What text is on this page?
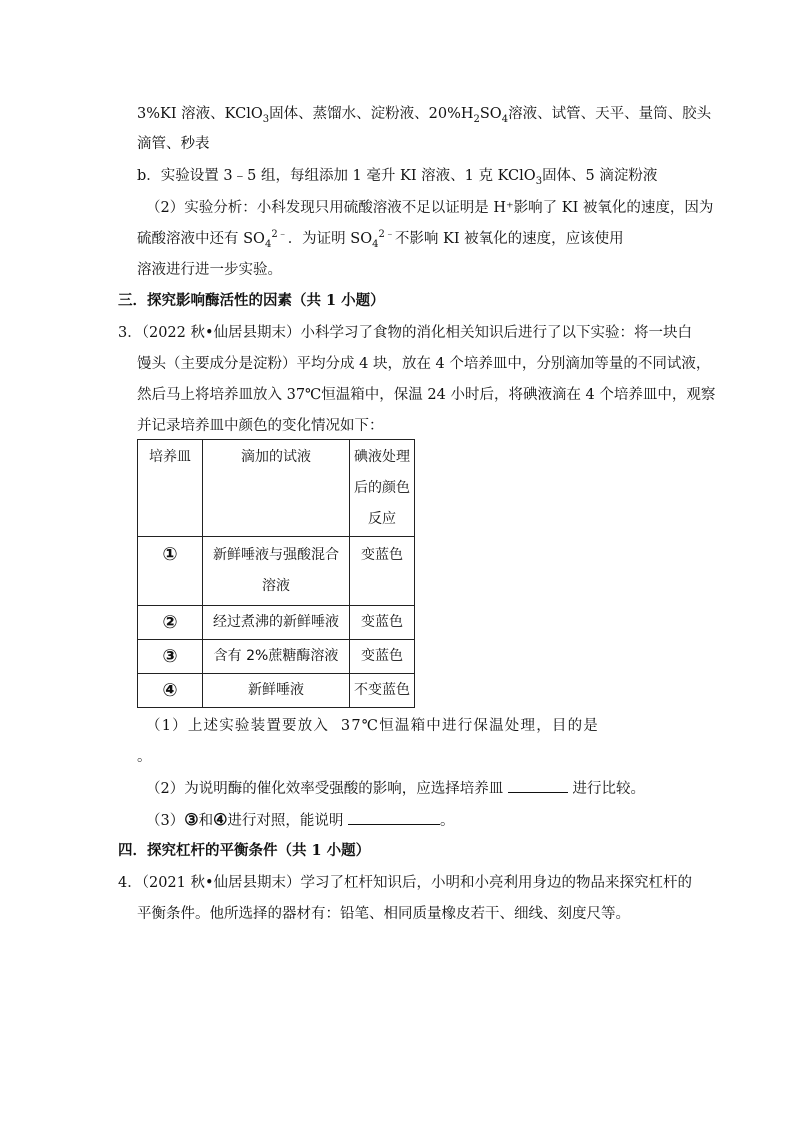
3%KI 溶液、KClO$_3$固体、蒸馏水、淀粉液、$20\%H_2SO_4$溶液、试管、天平、量筒、胶头
滴管、秒表
b．实验设置 3﹣5 组，每组添加 1 毫升 KI 溶液、1 克 KClO$_3$固体、5 滴淀粉液
（2）实验分析：小科发现只用硫酸溶液不足以证明是 H⁺影响了 KI 被氧化的速度，因为
硫酸溶液中还有 $SO_4^{2﹣}$．为证明 $SO_4^{2﹣}$不影响 KI 被氧化的速度，应该使用
溶液进行进一步实验。
三．探究影响酶活性的因素（共 1 小题）
3．（2022 秋•仙居县期末）小科学习了食物的消化相关知识后进行了以下实验：将一块白
馒头（主要成分是淀粉）平均分成 4 块，放在 4 个培养皿中，分别滴加等量的不同试液，
然后马上将培养皿放入 37℃恒温箱中，保温 24 小时后，将碘液滴在 4 个培养皿中，观察
并记录培养皿中颜色的变化情况如下：
培养皿	滴加的试液	碘液处理后的颜色反应
①	新鲜唾液与强酸混合溶液	变蓝色
②	经过煮沸的新鲜唾液	变蓝色
③	含有 2%蔗糖酶溶液	变蓝色
④	新鲜唾液	不变蓝色
（1）上述实验装置要放入 37℃恒温箱中进行保温处理，目的是
。
（2）为说明酶的催化效率受强酸的影响，应选择培养皿	进行比较。
（3）③和④进行对照，能说明	。
四．探究杠杆的平衡条件（共 1 小题）
4．（2021 秋•仙居县期末）学习了杠杆知识后，小明和小亮利用身边的物品来探究杠杆的
平衡条件。他所选择的器材有：铅笔、相同质量橡皮若干、细线、刻度尺等。
